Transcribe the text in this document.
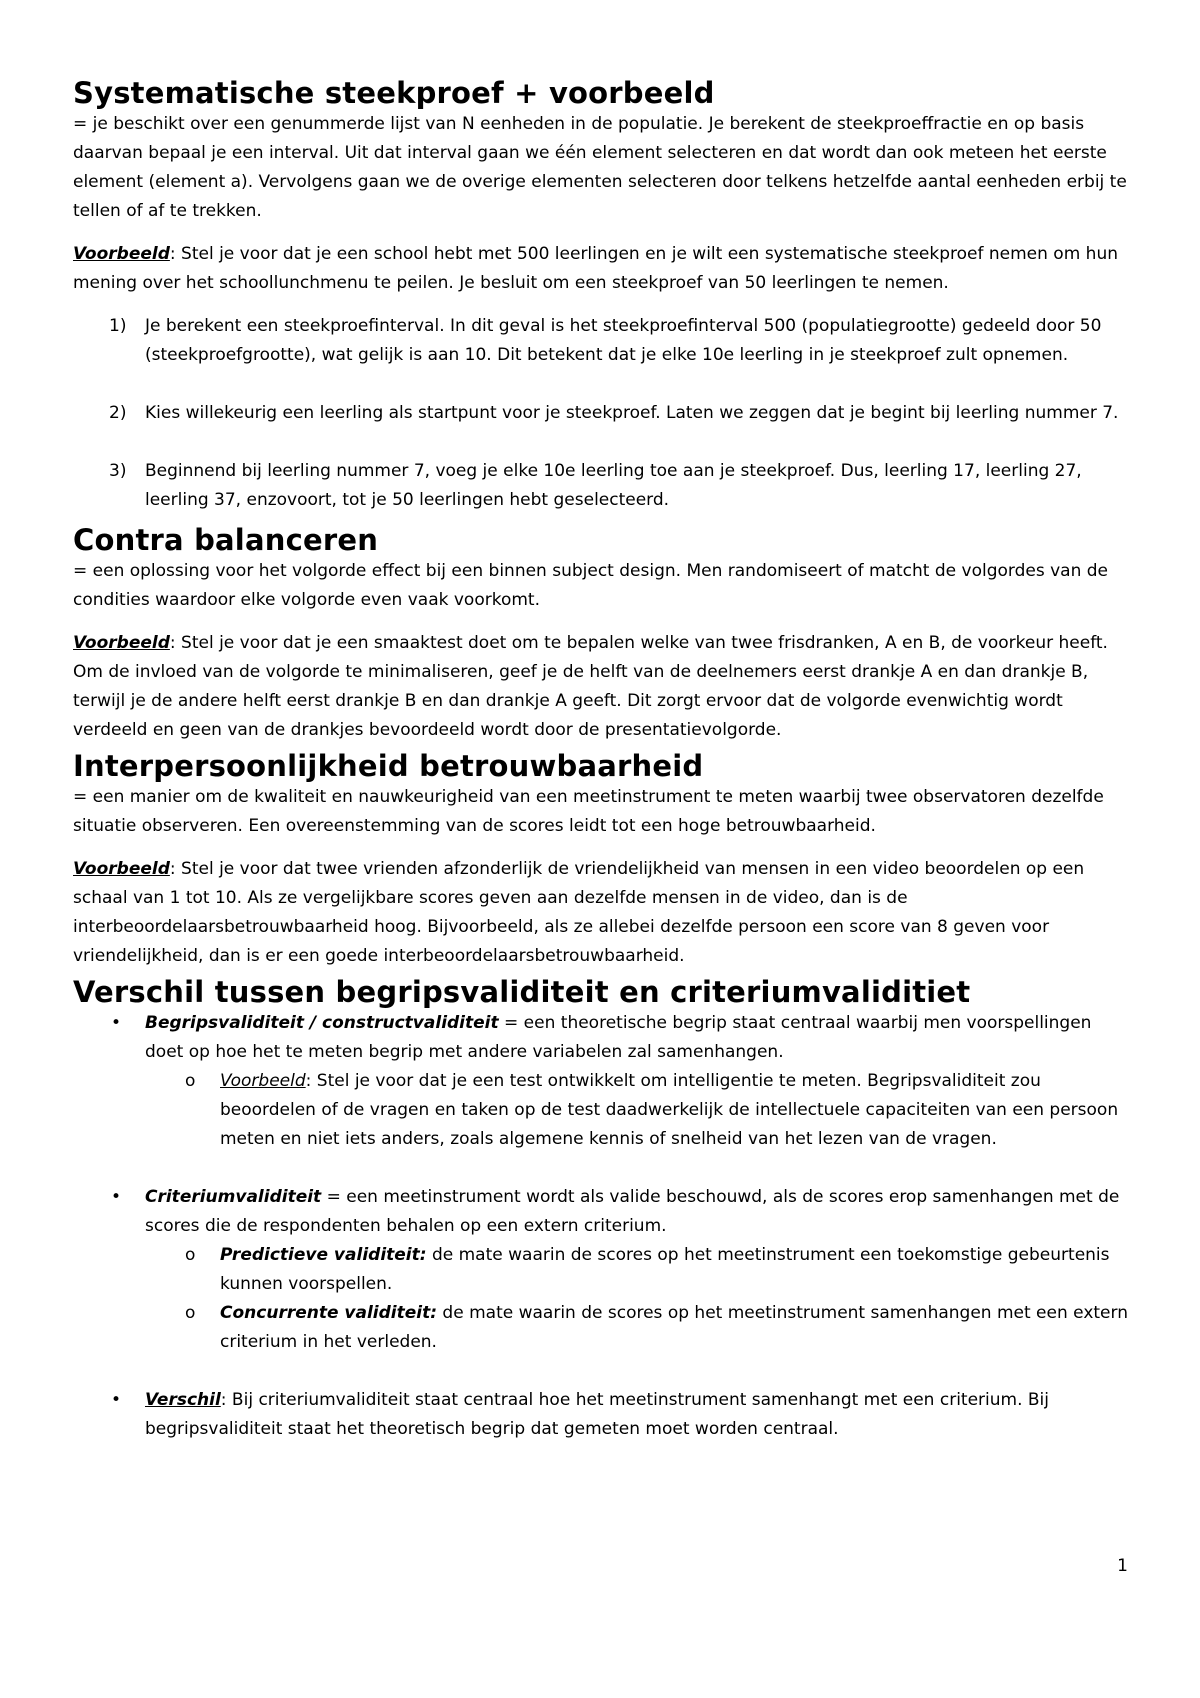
Systematische steekproef + voorbeeld

= je beschikt over een genummerde lijst van N eenheden in de populatie. Je berekent de steekproeffractie en op basis daarvan bepaal je een interval. Uit dat interval gaan we één element selecteren en dat wordt dan ook meteen het eerste element (element a). Vervolgens gaan we de overige elementen selecteren door telkens hetzelfde aantal eenheden erbij te tellen of af te trekken.

Voorbeeld: Stel je voor dat je een school hebt met 500 leerlingen en je wilt een systematische steekproef nemen om hun mening over het schoollunchmenu te peilen. Je besluit om een steekproef van 50 leerlingen te nemen.

1) Je berekent een steekproefinterval. In dit geval is het steekproefinterval 500 (populatiegrootte) gedeeld door 50 (steekproefgrootte), wat gelijk is aan 10. Dit betekent dat je elke 10e leerling in je steekproef zult opnemen.
2) Kies willekeurig een leerling als startpunt voor je steekproef. Laten we zeggen dat je begint bij leerling nummer 7.
3) Beginnend bij leerling nummer 7, voeg je elke 10e leerling toe aan je steekproef. Dus, leerling 17, leerling 27, leerling 37, enzovoort, tot je 50 leerlingen hebt geselecteerd.
Contra balanceren

= een oplossing voor het volgorde effect bij een binnen subject design. Men randomiseert of matcht de volgordes van de condities waardoor elke volgorde even vaak voorkomt.

Voorbeeld: Stel je voor dat je een smaaktest doet om te bepalen welke van twee frisdranken, A en B, de voorkeur heeft. Om de invloed van de volgorde te minimaliseren, geef je de helft van de deelnemers eerst drankje A en dan drankje B, terwijl je de andere helft eerst drankje B en dan drankje A geeft. Dit zorgt ervoor dat de volgorde evenwichtig wordt verdeeld en geen van de drankjes bevoordeeld wordt door de presentatievolgorde.

Interpersoonlijkheid betrouwbaarheid

= een manier om de kwaliteit en nauwkeurigheid van een meetinstrument te meten waarbij twee observatoren dezelfde situatie observeren. Een overeenstemming van de scores leidt tot een hoge betrouwbaarheid.

Voorbeeld: Stel je voor dat twee vrienden afzonderlijk de vriendelijkheid van mensen in een video beoordelen op een schaal van 1 tot 10. Als ze vergelijkbare scores geven aan dezelfde mensen in de video, dan is de interbeoordelaarsbetrouwbaarheid hoog. Bijvoorbeeld, als ze allebei dezelfde persoon een score van 8 geven voor vriendelijkheid, dan is er een goede interbeoordelaarsbetrouwbaarheid.

Verschil tussen begripsvaliditeit en criteriumvaliditiet
• Begripsvaliditeit / constructvaliditeit = een theoretische begrip staat centraal waarbij men voorspellingen doet op hoe het te meten begrip met andere variabelen zal samenhangen.
o Voorbeeld: Stel je voor dat je een test ontwikkelt om intelligentie te meten. Begripsvaliditeit zou beoordelen of de vragen en taken op de test daadwerkelijk de intellectuele capaciteiten van een persoon meten en niet iets anders, zoals algemene kennis of snelheid van het lezen van de vragen.
• Criteriumvaliditeit = een meetinstrument wordt als valide beschouwd, als de scores erop samenhangen met de scores die de respondenten behalen op een extern criterium.
o Predictieve validiteit: de mate waarin de scores op het meetinstrument een toekomstige gebeurtenis kunnen voorspellen.
o Concurrente validiteit: de mate waarin de scores op het meetinstrument samenhangen met een extern criterium in het verleden.
• Verschil: Bij criteriumvaliditeit staat centraal hoe het meetinstrument samenhangt met een criterium. Bij begripsvaliditeit staat het theoretisch begrip dat gemeten moet worden centraal.
1
